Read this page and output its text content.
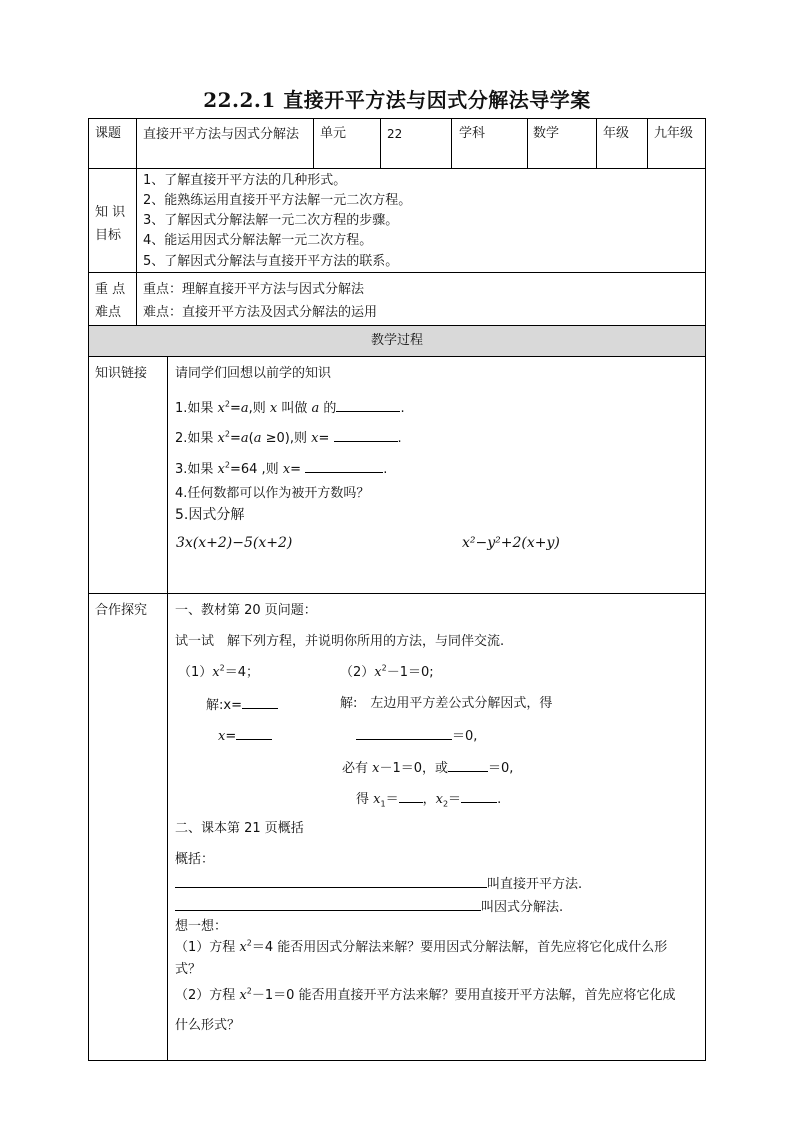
22.2.1 直接开平方法与因式分解法导学案
课题 直接开平方法与因式分解法	单元	22	学科	数学	年级 九年级
知 识
目标
1、了解直接开平方法的几种形式。
2、能熟练运用直接开平方法解一元二次方程。
3、了解因式分解法解一元二次方程的步骤。
4、能运用因式分解法解一元二次方程。
5、了解因式分解法与直接开平方法的联系。
重 点
难点
重点：理解直接开平方法与因式分解法
难点：直接开平方法及因式分解法的运用
教学过程
知识链接 请同学们回想以前学的知识
1.如果 $x^2=a$,则 x 叫做 a 的	.
2.如果 $x^2=a(a \ge 0)$,则 x=	.
3.如果 $x^2=64$ ,则 x=	.
4.任何数都可以作为被开方数吗？
5.因式分解
3x(x+2)−5(x+2)	x²−y²+2(x+y)
合作探究 一、教材第 20 页问题：
试一试　解下列方程，并说明你所用的方法，与同伴交流.
$(1)x^2=4$；	$(2)x^2-1=0$;
解:x=	解:　左边用平方差公式分解因式，得
x=	＝0,
必有 x－1＝0，或	＝0,
得 $x_1=$ ，$x_2=$	.
二、课本第 21 页概括
概括：
叫直接开平方法.
叫因式分解法.
想一想：
（1）方程 $x^2=4$ 能否用因式分解法来解？要用因式分解法解，首先应将它化成什么形
式？
（2）方程 $x^2-1=0$ 能否用直接开平方法来解？要用直接开平方法解，首先应将它化成
什么形式？
